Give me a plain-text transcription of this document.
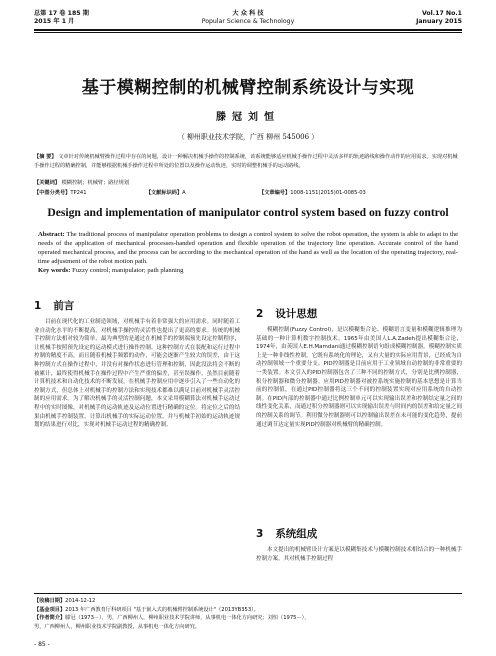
总第 17 卷 185 期
2015 年 1 月
大 众 科 技
Popular Science & Technology
Vol.17 No.1
January 2015
基于模糊控制的机械臂控制系统设计与实现
滕冠刘恒
（ 柳州职业技术学院，广西 柳州 545006 ）
【摘 要】 文章针对传统机械臂操作过程中存在的问题，设计一种解决机械手操作的控制系统，该系统能够适应机械手操作过程中灵活多样的轨迹路线和操作动作的应用需求。实现对机械手操作过程的精确控制，并能够根据机械手操作过程中所处的位置以及操作运动轨迹，实时的调整机械手的运动路线。
【关键词】 模糊控制；机械臂；路径规划
【中图分类号】TP241	【文献标识码】A	【文章编号】1008-1151(2015)01-0085-03
Design and implementation of manipulator control system based on fuzzy control
Abstract: The traditional process of manipulator operation problems to design a control system to solve the robot operation, the system is able to adapt to the needs of the application of mechanical processes-handed operation and flexible operation of the trajectory line operation. Accurate control of the hand operated mechanical process, and the process can be according to the mechanical operation of the hand as well as the location of the operating trajectory, real-time adjustment of the robot motion path.
Key words: Fuzzy control; manipulator; path planning
1 前言
目前在现代化的工业制造领域，对机械手有着非常强大的应用需求。同时随着工业自动化水平的不断提高，对机械手操控的灵活性也提出了更高的要求。传统的机械手控制方法相对较为简单，最为典型的是通过在机械手的控制端预先设定控制程序，让机械手按照预先设定的运动模式进行操作控制。这种控制方式在装配和运行过程中控制的精度不高，而且随着机械手频繁的动作，可能会逐渐产生较大的误差，由于这种控制方式在操作过程中，并没有对操作状态进行管理和控制，因此没法将会不断的被累计，最终使得机械手在操作过程中产生严重的偏差，甚至误操作。虽然目前随着计算机技术和自动化技术的不断发展，在机械手控制应用中逐步引入了一些自动化的控制方式，但总体上对机械手的控制方法和实现技术都难以满足目前对机械手灵活控制的应用需求。为了解决机械手的灵活控制问题，本文采用模糊算法对机械手运动过程中的实时图像，对机械手的运动轨迹及运动位置进行精确的定位。将定位之后的结果由机械手控制装置，计算出机械手的实际运动位置，并与机械手初始的运动轨迹规划的结果进行对比，实现对机械手运动过程的精确控制。
2 设计思想
模糊控制(Fuzzy Control)，是以模糊集合论、模糊语言变量和模糊逻辑推理为基础的一种计算机数字控制技术。1965年由美国人L.A.Zadeh提出模糊集合论，1974年，由英国人E.H.Mamdani通过模糊控制语句组成模糊控制器，模糊控制实质上是一种非线性控制，它既有系统化的理论，又有大量的实际应用背景，已经成为自动控制领域一个重要分支。PID控制器是目前应用于工业领域自动控制的非常重要的一类装置。本文引入的PID控制器包含了三种不同的控制方式，分别是比例控制器、积分控制器和微分控制器。应用PID控制器对被控系统实施控制的基本思想是计算当前的控制值，在通过PID控制器将这三个不同的控制装置实现对应用系统的自动控制。在PID内部的控制器中通过比例控制单元可以实现输出误差和控制结定量之间的线性变化关系，而通过积分控制器则可以实现输出误差与时间内的误差和给定量之间的控制关系的调节。利用微分控制器则可以控制输出误差在未可能的变化趋势，提前通过调节达定量实现PID控制器对机械臂的精确控制。
3 系统组成
本文提出的机械臂设计方案是以模糊集技术与模糊控制技术相结合的一种机械手控制方案。其对机械手控制过程
【收稿日期】2014-12-12
【基金项目】2013 年广西教育厅科研项目 "基于嵌入式的机械臂控制系统设计"（2013YB353）。
【作者简介】滕冠（1973－），男，广西柳州人，柳州职业技术学院讲师，从事机电一体化方向研究；刘恒（1975－），
男，广西柳州人，柳州职业技术学院副教授，从事机电一体化方向研究。
- 85 -
